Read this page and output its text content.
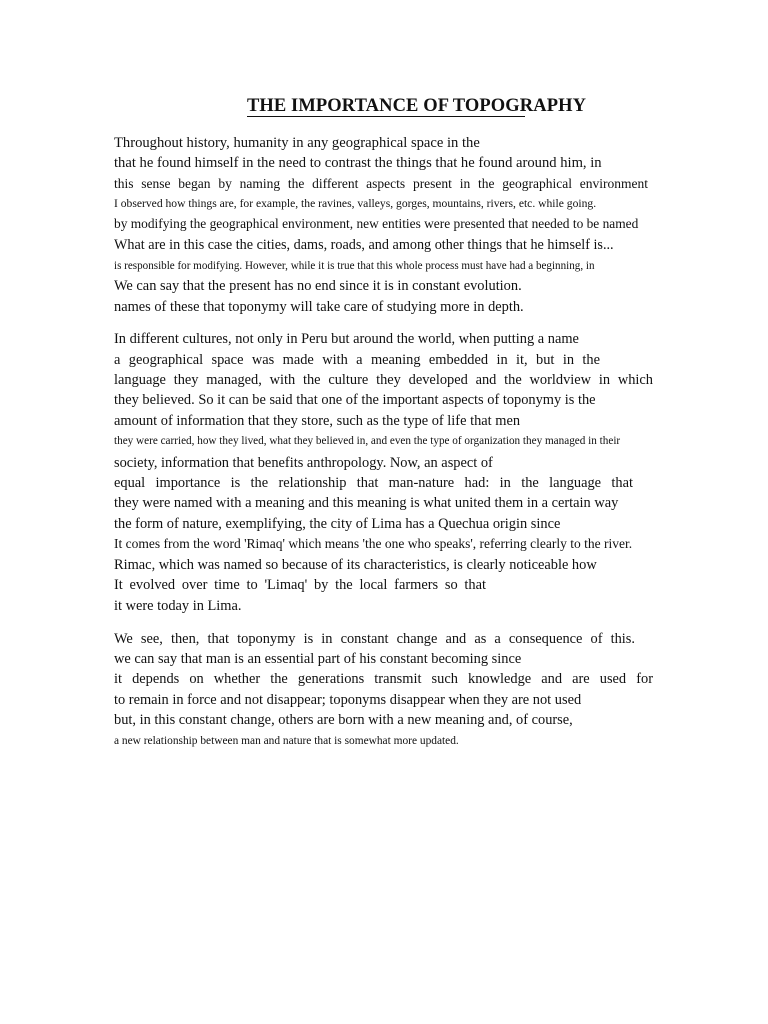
THE IMPORTANCE OF TOPOGRAPHY
Throughout history, humanity in any geographical space in the
that he found himself in the need to contrast the things that he found around him, in
this sense began by naming the different aspects present in the geographical environment
I observed how things are, for example, the ravines, valleys, gorges, mountains, rivers, etc. while going.
by modifying the geographical environment, new entities were presented that needed to be named
What are in this case the cities, dams, roads, and among other things that he himself is...
is responsible for modifying. However, while it is true that this whole process must have had a beginning, in
We can say that the present has no end since it is in constant evolution.
names of these that toponymy will take care of studying more in depth.
In different cultures, not only in Peru but around the world, when putting a name
a geographical space was made with a meaning embedded in it, but in the
language they managed, with the culture they developed and the worldview in which
they believed. So it can be said that one of the important aspects of toponymy is the
amount of information that they store, such as the type of life that men
they were carried, how they lived, what they believed in, and even the type of organization they managed in their
society, information that benefits anthropology. Now, an aspect of
equal importance is the relationship that man-nature had: in the language that
they were named with a meaning and this meaning is what united them in a certain way
the form of nature, exemplifying, the city of Lima has a Quechua origin since
It comes from the word 'Rimaq' which means 'the one who speaks', referring clearly to the river.
Rimac, which was named so because of its characteristics, is clearly noticeable how
It evolved over time to 'Limaq' by the local farmers so that
it were today in Lima.
We see, then, that toponymy is in constant change and as a consequence of this.
we can say that man is an essential part of his constant becoming since
it depends on whether the generations transmit such knowledge and are used for
to remain in force and not disappear; toponyms disappear when they are not used
but, in this constant change, others are born with a new meaning and, of course,
a new relationship between man and nature that is somewhat more updated.
